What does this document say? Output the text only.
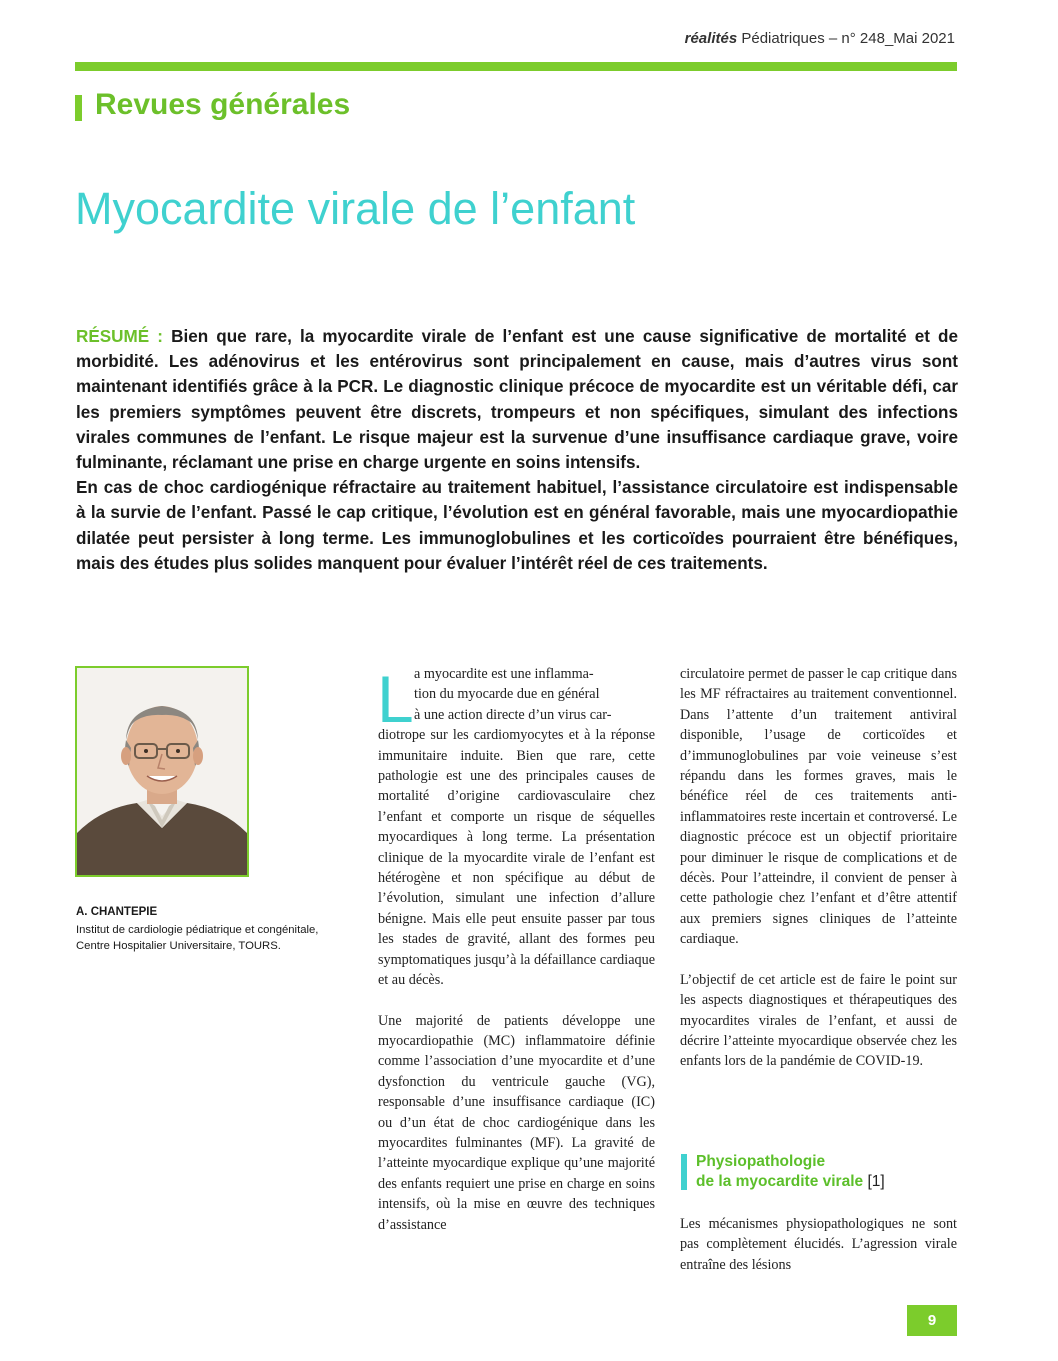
réalités Pédiatriques – n° 248_Mai 2021
Revues générales
Myocardite virale de l’enfant

RÉSUMÉ : Bien que rare, la myocardite virale de l’enfant est une cause significative de mortalité et de morbidité. Les adénovirus et les entérovirus sont principalement en cause, mais d’autres virus sont maintenant identifiés grâce à la PCR. Le diagnostic clinique précoce de myocardite est un véritable défi, car les premiers symptômes peuvent être discrets, trompeurs et non spécifiques, simulant des infections virales communes de l’enfant. Le risque majeur est la survenue d’une insuffisance cardiaque grave, voire fulminante, réclamant une prise en charge urgente en soins intensifs.

En cas de choc cardiogénique réfractaire au traitement habituel, l’assistance circulatoire est indispensable à la survie de l’enfant. Passé le cap critique, l’évolution est en général favorable, mais une myocardiopathie dilatée peut persister à long terme. Les immunoglobulines et les corticoïdes pourraient être bénéfiques, mais des études plus solides manquent pour évaluer l’intérêt réel de ces traitements.

A. CHANTEPIE
Institut de cardiologie pédiatrique et congénitale, Centre Hospitalier Universitaire, TOURS.
L a myocardite est une inflamma-
tion du myocarde due en général
à une action directe d’un virus car-
diotrope sur les cardiomyocytes et à la réponse immunitaire induite. Bien que rare, cette pathologie est une des principales causes de mortalité d’origine cardiovasculaire chez l’enfant et comporte un risque de séquelles myocardiques à long terme. La présentation clinique de la myocardite virale de l’enfant est hétérogène et non spécifique au début de l’évolution, simulant une infection d’allure bénigne. Mais elle peut ensuite passer par tous les stades de gravité, allant des formes peu symptomatiques jusqu’à la défaillance cardiaque et au décès.

Une majorité de patients développe une myocardiopathie (MC) inflammatoire définie comme l’association d’une myocardite et d’une dysfonction du ventricule gauche (VG), responsable d’une insuffisance cardiaque (IC) ou d’un état de choc cardiogénique dans les myocardites fulminantes (MF). La gravité de l’atteinte myocardique explique qu’une majorité des enfants requiert une prise en charge en soins intensifs, où la mise en œuvre des techniques d’assistance

circulatoire permet de passer le cap critique dans les MF réfractaires au traitement conventionnel. Dans l’attente d’un traitement antiviral disponible, l’usage de corticoïdes et d’immunoglobulines par voie veineuse s’est répandu dans les formes graves, mais le bénéfice réel de ces traitements anti-inflammatoires reste incertain et controversé. Le diagnostic précoce est un objectif prioritaire pour diminuer le risque de complications et de décès. Pour l’atteindre, il convient de penser à cette pathologie chez l’enfant et d’être attentif aux premiers signes cliniques de l’atteinte cardiaque.

L’objectif de cet article est de faire le point sur les aspects diagnostiques et thérapeutiques des myocardites virales de l’enfant, et aussi de décrire l’atteinte myocardique observée chez les enfants lors de la pandémie de COVID-19.

Physiopathologie
de la myocardite virale [1]

Les mécanismes physiopathologiques ne sont pas complètement élucidés. L’agression virale entraîne des lésions

9
